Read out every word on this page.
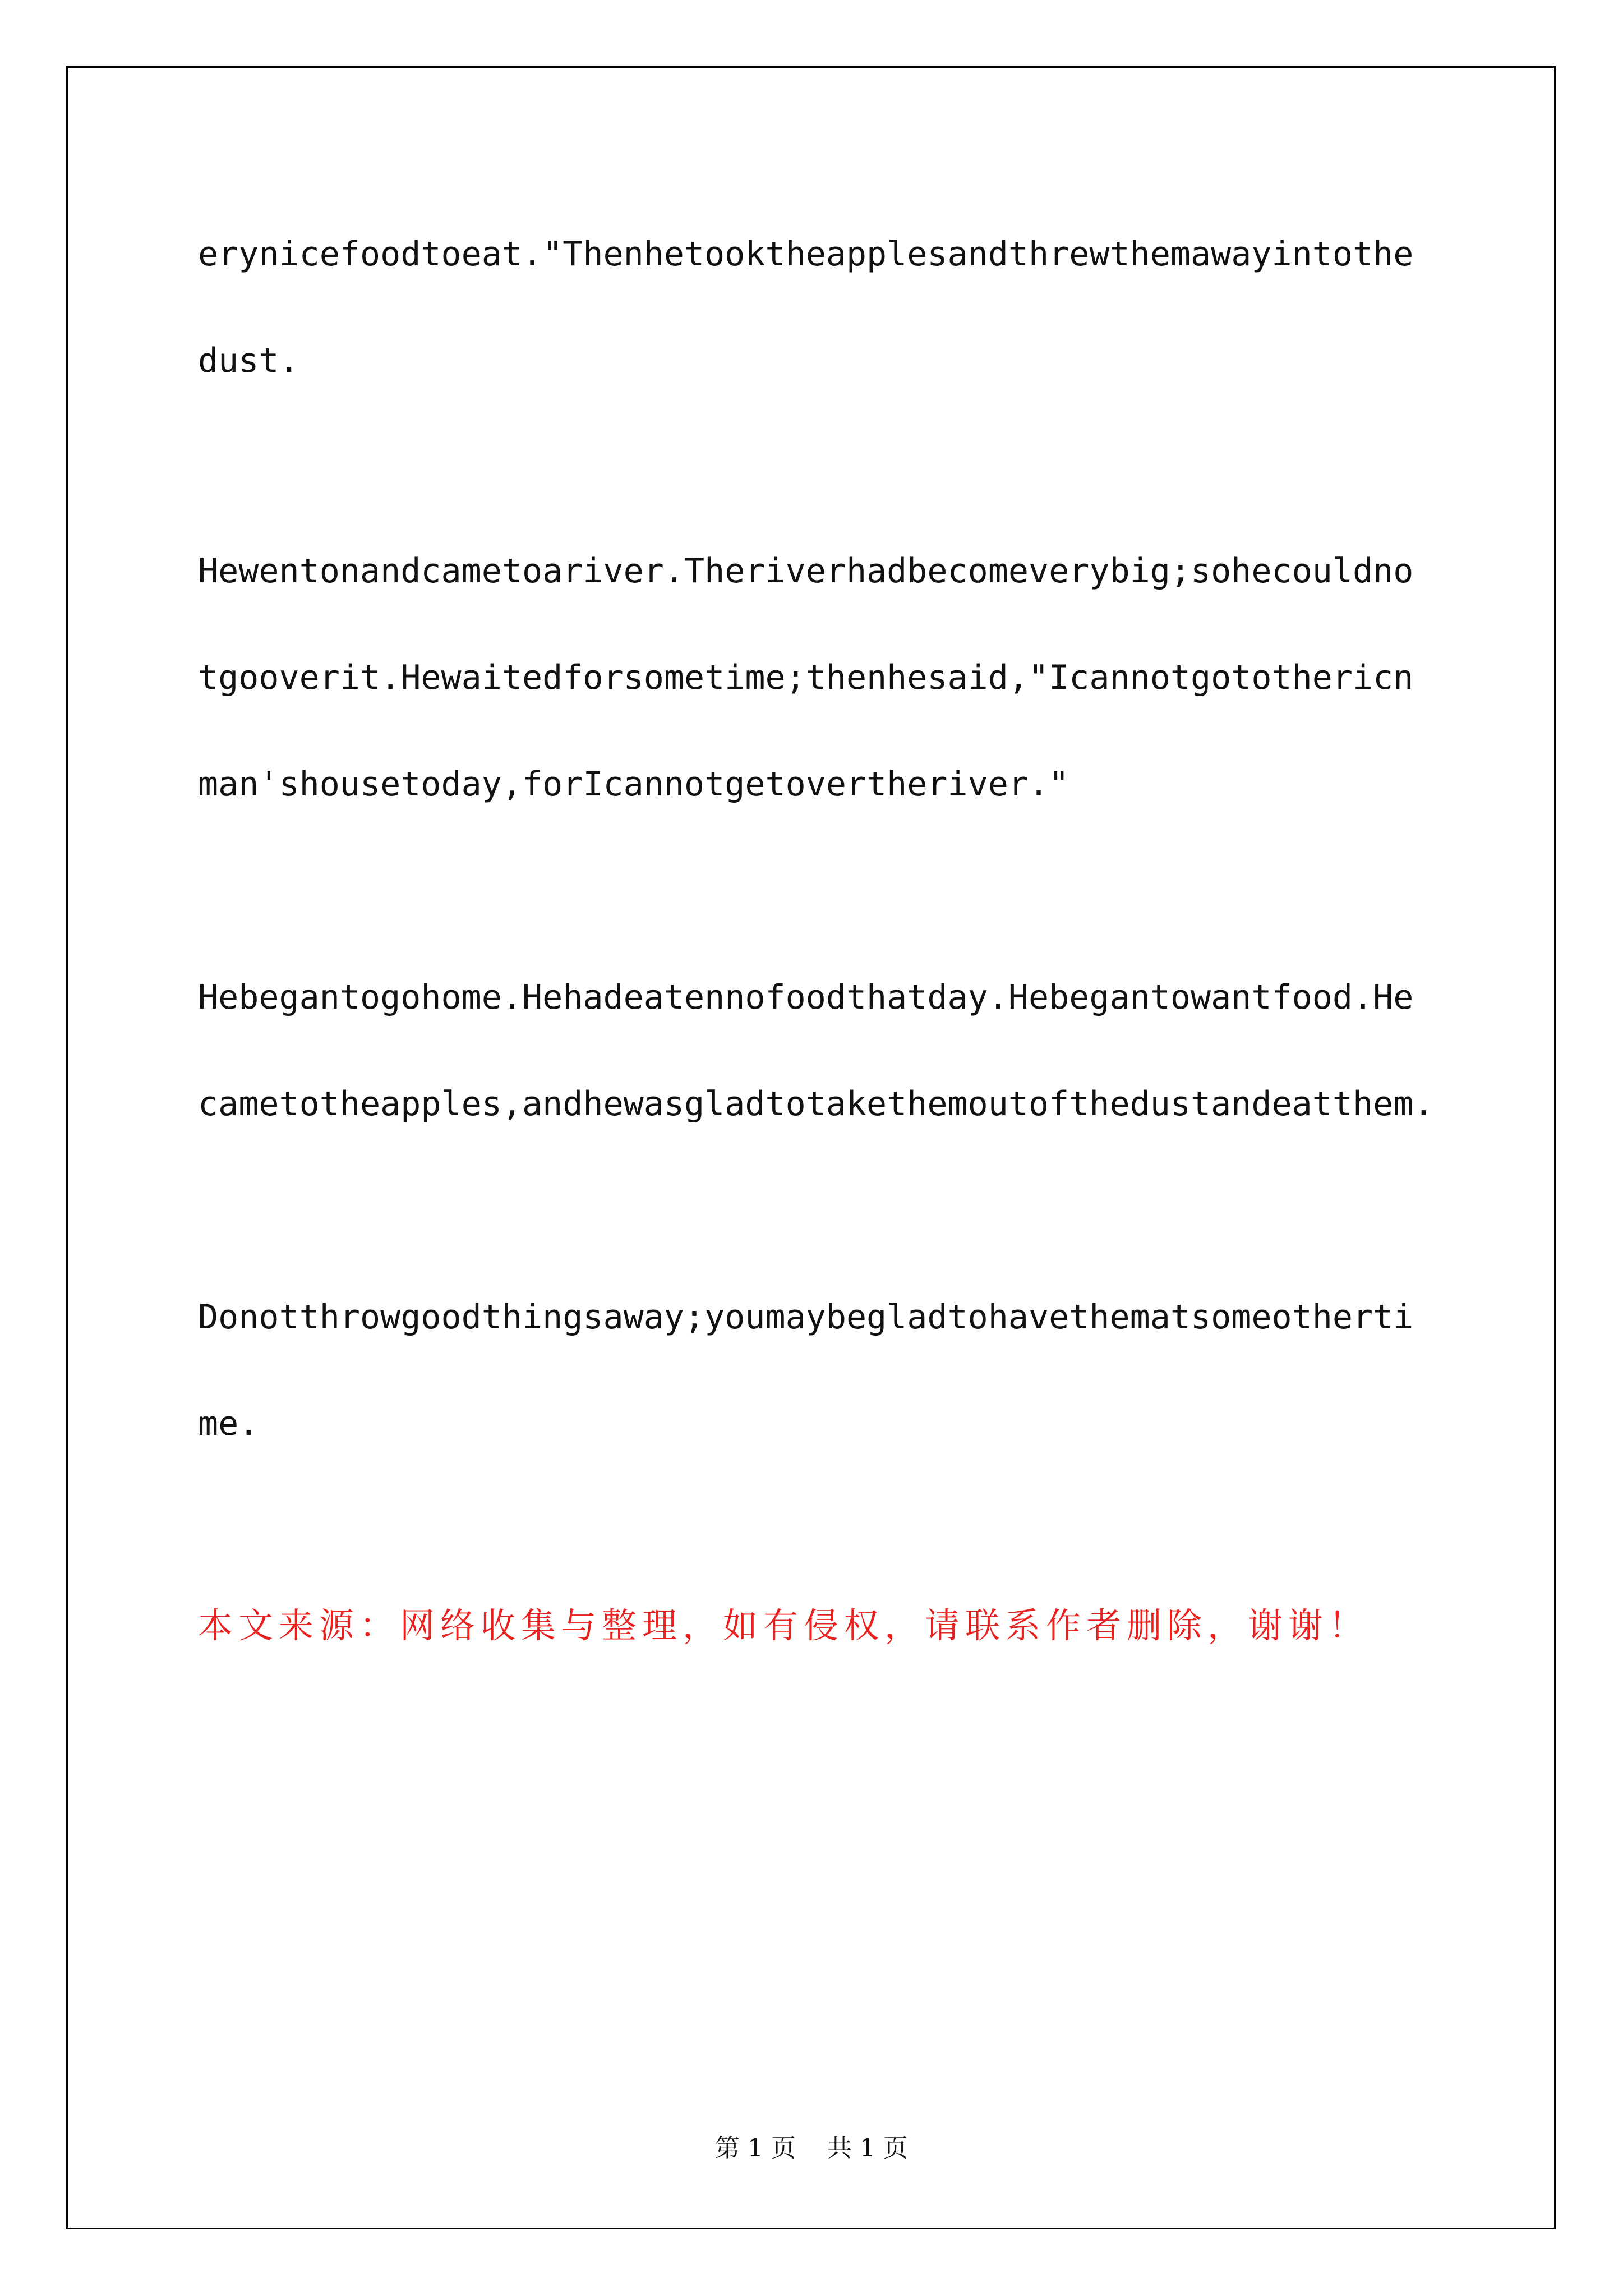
erynicefoodtoeat."Thenhetooktheapplesandthrewthemawayintothe
dust.
Hewentonandcametoariver.Theriverhadbecomeverybig;sohecouldno
tgooverit.Hewaitedforsometime;thenhesaid,"Icannotgotothericn
man'shousetoday,forIcannotgetovertheriver."
Hebegantogohome.Hehadeatennofoodthatday.Hebegantowantfood.He
cametotheapples,andhewasgladtotakethemoutofthedustandeatthem.
Donotthrowgoodthingsaway;youmaybegladtohavethematsomeotherti
me.
本文来源：网络收集与整理，如有侵权，请联系作者删除，谢谢！
第 1 页    共 1 页
